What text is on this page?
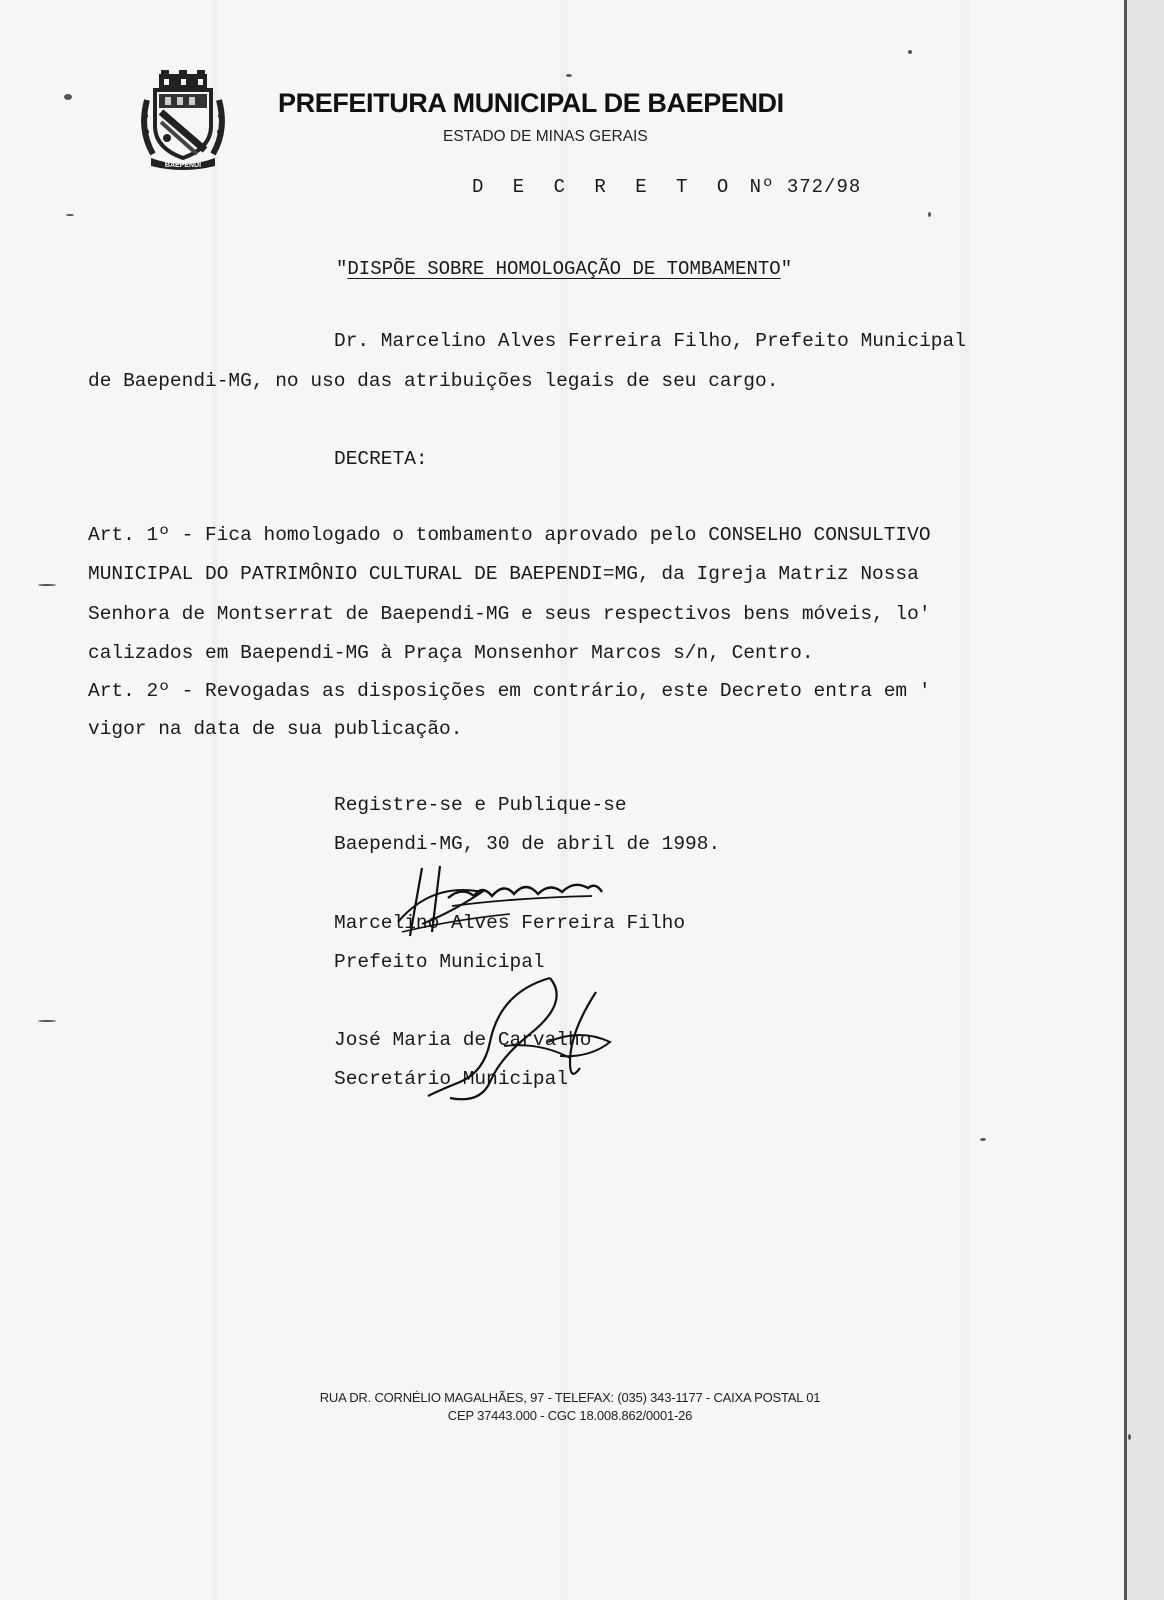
BAEPENDI
PREFEITURA MUNICIPAL DE BAEPENDI
ESTADO DE MINAS GERAIS
D E C R E T O Nº 372/98
"DISPÕE SOBRE HOMOLOGAÇÃO DE TOMBAMENTO"
Dr. Marcelino Alves Ferreira Filho, Prefeito Municipal
de Baependi-MG, no uso das atribuições legais de seu cargo.
DECRETA:
Art. 1º - Fica homologado o tombamento aprovado pelo CONSELHO CONSULTIVO
MUNICIPAL DO PATRIMÔNIO CULTURAL DE BAEPENDI=MG, da Igreja Matriz Nossa
Senhora de Montserrat de Baependi-MG e seus respectivos bens móveis, lo'
calizados em Baependi-MG à Praça Monsenhor Marcos s/n, Centro.
Art. 2º - Revogadas as disposições em contrário, este Decreto entra em '
vigor na data de sua publicação.
Registre-se e Publique-se
Baependi-MG, 30 de abril de 1998.
Marcelino Alves Ferreira Filho
Prefeito Municipal
José Maria de Carvalho
Secretário Municipal
RUA DR. CORNÉLIO MAGALHÃES, 97 - TELEFAX: (035) 343-1177 - CAIXA POSTAL 01
CEP 37443.000 - CGC 18.008.862/0001-26
